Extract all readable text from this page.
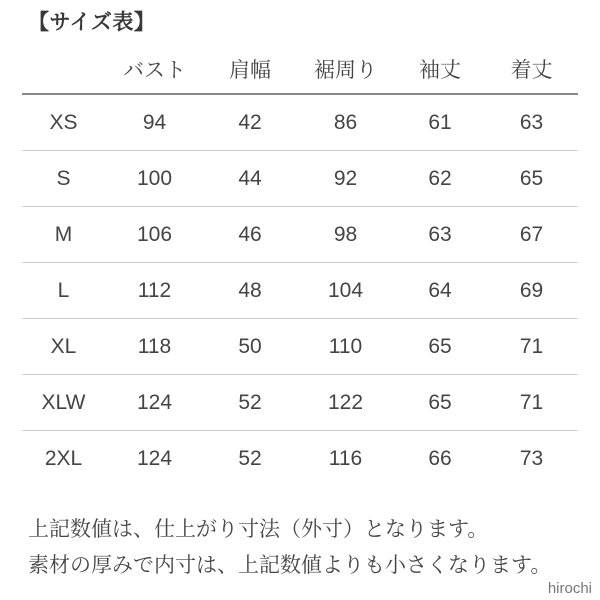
【サイズ表】
	バスト	肩幅	裾周り	袖丈	着丈
XS	94	42	86	61	63
S	100	44	92	62	65
M	106	46	98	63	67
L	112	48	104	64	69
XL	118	50	110	65	71
XLW	124	52	122	65	71
2XL	124	52	116	66	73

上記数値は、仕上がり寸法（外寸）となります。

素材の厚みで内寸は、上記数値よりも小さくなります。

hirochi
